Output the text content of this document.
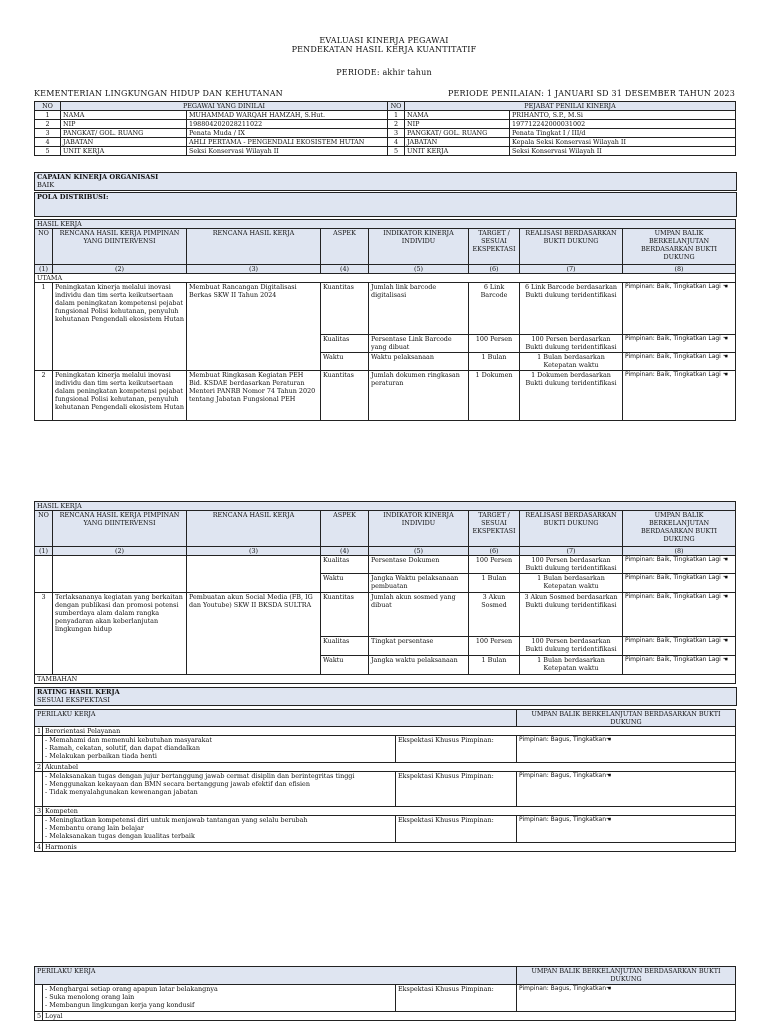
EVALUASI KINERJA PEGAWAI
PENDEKATAN HASIL KERJA KUANTITATIF
PERIODE: akhir tahun
KEMENTERIAN LINGKUNGAN HIDUP DAN KEHUTANAN	PERIODE PENILAIAN: 1 JANUARI SD 31 DESEMBER TAHUN 2023
NO	PEGAWAI YANG DINILAI		NO	PEJABAT PENILAI KINERJA	
1	NAMA	MUHAMMAD WARQAH HAMZAH, S.Hut.	1	NAMA	PRIHANTO, S.P., M.Si
2	NIP	198804202028211022	2	NIP	197712242000031002
3	PANGKAT/ GOL. RUANG	Penata Muda / IX	3	PANGKAT/ GOL. RUANG	Penata Tingkat I / III/d
4	JABATAN	AHLI PERTAMA - PENGENDALI EKOSISTEM HUTAN	4	JABATAN	Kepala Seksi Konservasi Wilayah II
5	UNIT KERJA	Seksi Konservasi Wilayah II	5	UNIT KERJA	Seksi Konservasi Wilayah II
CAPAIAN KINERJA ORGANISASI
BAIK
POLA DISTRIBUSI:
HASIL KERJA							
NO	RENCANA HASIL KERJA PIMPINAN YANG DIINTERVENSI	RENCANA HASIL KERJA	ASPEK	INDIKATOR KINERJA INDIVIDU	TARGET / SESUAI EKSPEKTASI	REALISASI BERDASARKAN BUKTI DUKUNG	UMPAN BALIK BERKELANJUTAN BERDASARKAN BUKTI DUKUNG
(1)	(2)	(3)	(4)	(5)	(6)	(7)	(8)
UTAMA							
1	Peningkatan kinerja melalui inovasi individu dan tim serta keikutsertaan dalam peningkatan kompetensi pejabat fungsional Polisi kehutanan, penyuluh kehutanan Pengendali ekosistem Hutan	Membuat Rancangan Digitalisasi Berkas SKW II Tahun 2024	Kuantitas	Jumlah link barcode digitalisasi	6 Link Barcode	6 Link Barcode berdasarkan Bukti dukung teridentifikasi	Pimpinan: Baik, Tingkatkan Lagi ☚
			Kualitas	Persentase Link Barcode yang dibuat	100 Persen	100 Persen berdasarkan Bukti dukung teridentifikasi	Pimpinan: Baik, Tingkatkan Lagi ☚
			Waktu	Waktu pelaksanaan	1 Bulan	1 Bulan berdasarkan Ketepatan waktu	Pimpinan: Baik, Tingkatkan Lagi ☚
2	Peningkatan kinerja melalui inovasi individu dan tim serta keikutsertaan dalam peningkatan kompetensi pejabat fungsional Polisi kehutanan, penyuluh kehutanan Pengendali ekosistem Hutan	Membuat Ringkasan Kegiatan PEH Bid. KSDAE berdasarkan Peraturan Menteri PANRB Nomor 74 Tahun 2020 tentang Jabatan Fungsional PEH	Kuantitas	Jumlah dokumen ringkasan peraturan	1 Dokumen	1 Dokumen berdasarkan Bukti dukung teridentifikasi	Pimpinan: Baik, Tingkatkan Lagi ☚
HASIL KERJA							
NO	RENCANA HASIL KERJA PIMPINAN YANG DIINTERVENSI	RENCANA HASIL KERJA	ASPEK	INDIKATOR KINERJA INDIVIDU	TARGET / SESUAI EKSPEKTASI	REALISASI BERDASARKAN BUKTI DUKUNG	UMPAN BALIK BERKELANJUTAN BERDASARKAN BUKTI DUKUNG
(1)	(2)	(3)	(4)	(5)	(6)	(7)	(8)
			Kualitas	Persentase Dokumen	100 Persen	100 Persen berdasarkan Bukti dukung teridentifikasi	Pimpinan: Baik, Tingkatkan Lagi ☚
			Waktu	Jangka Waktu pelaksanaan pembuatan	1 Bulan	1 Bulan berdasarkan Ketepatan waktu	Pimpinan: Baik, Tingkatkan Lagi ☚
3	Terlaksananya kegiatan yang berkaitan dengan publikasi dan promosi potensi sumberdaya alam dalam rangka penyadaran akan keberlanjutan lingkungan hidup	Pembuatan akun Social Media (FB, IG dan Youtube) SKW II BKSDA SULTRA	Kuantitas	Jumlah akun sosmed yang dibuat	3 Akun Sosmed	3 Akun Sosmed berdasarkan Bukti dukung teridentifikasi	Pimpinan: Baik, Tingkatkan Lagi ☚
			Kualitas	Tingkat persentase	100 Persen	100 Persen berdasarkan Bukti dukung teridentifikasi	Pimpinan: Baik, Tingkatkan Lagi ☚
			Waktu	Jangka waktu pelaksanaan	1 Bulan	1 Bulan berdasarkan Ketepatan waktu	Pimpinan: Baik, Tingkatkan Lagi ☚
TAMBAHAN							
RATING HASIL KERJA
SESUAI EKSPEKTASI
PERILAKU KERJA			UMPAN BALIK BERKELANJUTAN BERDASARKAN BUKTI DUKUNG
1	Berorientasi Pelayanan		

	- Memahami dan memenuhi kebutuhan masyarakat
- Ramah, cekatan, solutif, dan dapat diandalkan
- Melakukan perbaikan tiada henti	Ekspektasi Khusus Pimpinan:	Pimpinan: Bagus, Tingkatkan☚
2	Akuntabel		

	- Melaksanakan tugas dengan jujur bertanggung jawab cermat disiplin dan berintegritas tinggi
- Menggunakan kekayaan dan BMN secara bertanggung jawab efektif dan efisien
- Tidak menyalahgunakan kewenangan jabatan	Ekspektasi Khusus Pimpinan:	Pimpinan: Bagus, Tingkatkan☚
3	Kompeten		

	- Meningkatkan kompetensi diri untuk menjawab tantangan yang selalu berubah
- Membantu orang lain belajar
- Melaksanakan tugas dengan kualitas terbaik	Ekspektasi Khusus Pimpinan:	Pimpinan: Bagus, Tingkatkan☚
4	Harmonis		
PERILAKU KERJA			UMPAN BALIK BERKELANJUTAN BERDASARKAN BUKTI DUKUNG

	- Menghargai setiap orang apapun latar belakangnya
- Suka menolong orang lain
- Membangun lingkungan kerja yang kondusif	Ekspektasi Khusus Pimpinan:	Pimpinan: Bagus, Tingkatkan☚
5	Loyal		
